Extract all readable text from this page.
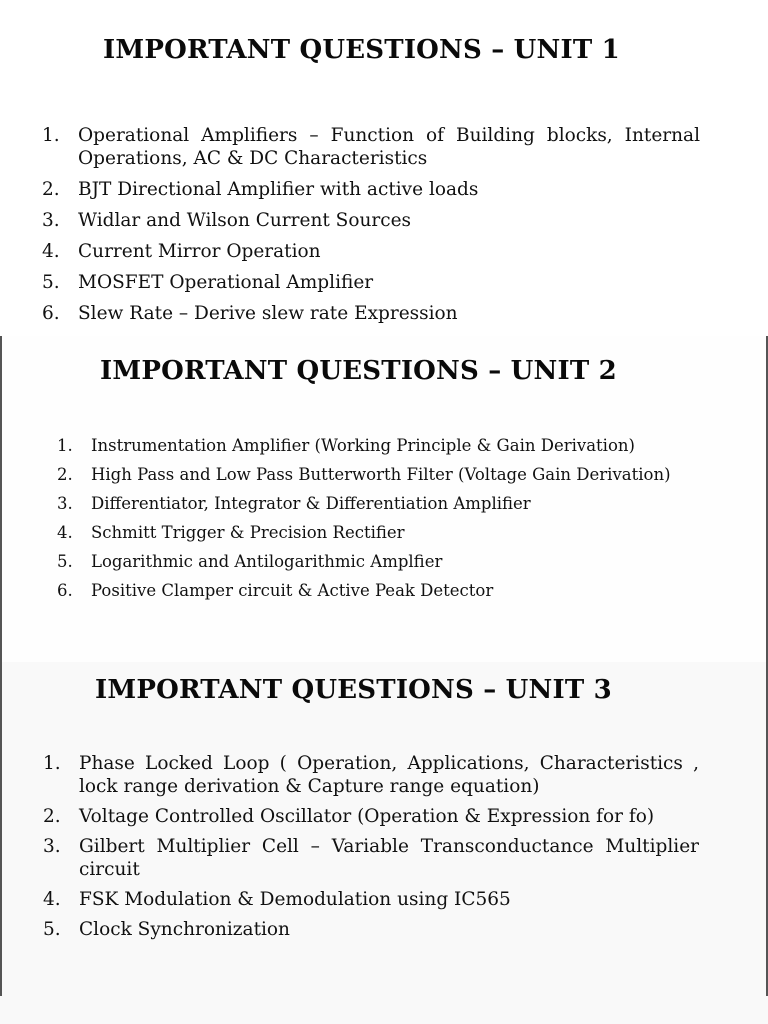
IMPORTANT QUESTIONS – UNIT 1
1. Operational Amplifiers – Function of Building blocks, Internal Operations, AC & DC Characteristics
2. BJT Directional Amplifier with active loads
3. Widlar and Wilson Current Sources
4. Current Mirror Operation
5. MOSFET Operational Amplifier
6. Slew Rate – Derive slew rate Expression
IMPORTANT QUESTIONS – UNIT 2
1.	Instrumentation Amplifier (Working Principle & Gain Derivation)
2.	High Pass and Low Pass Butterworth Filter (Voltage Gain Derivation)
3.	Differentiator, Integrator & Differentiation Amplifier
4.	Schmitt Trigger & Precision Rectifier
5.	Logarithmic and Antilogarithmic Amplfier
6.	Positive Clamper circuit & Active Peak Detector
IMPORTANT QUESTIONS – UNIT 3
1. Phase Locked Loop ( Operation, Applications, Characteristics , lock range derivation & Capture range equation)
2. Voltage Controlled Oscillator (Operation & Expression for fo)
3. Gilbert Multiplier Cell – Variable Transconductance Multiplier circuit
4. FSK Modulation & Demodulation using IC565
5. Clock Synchronization
